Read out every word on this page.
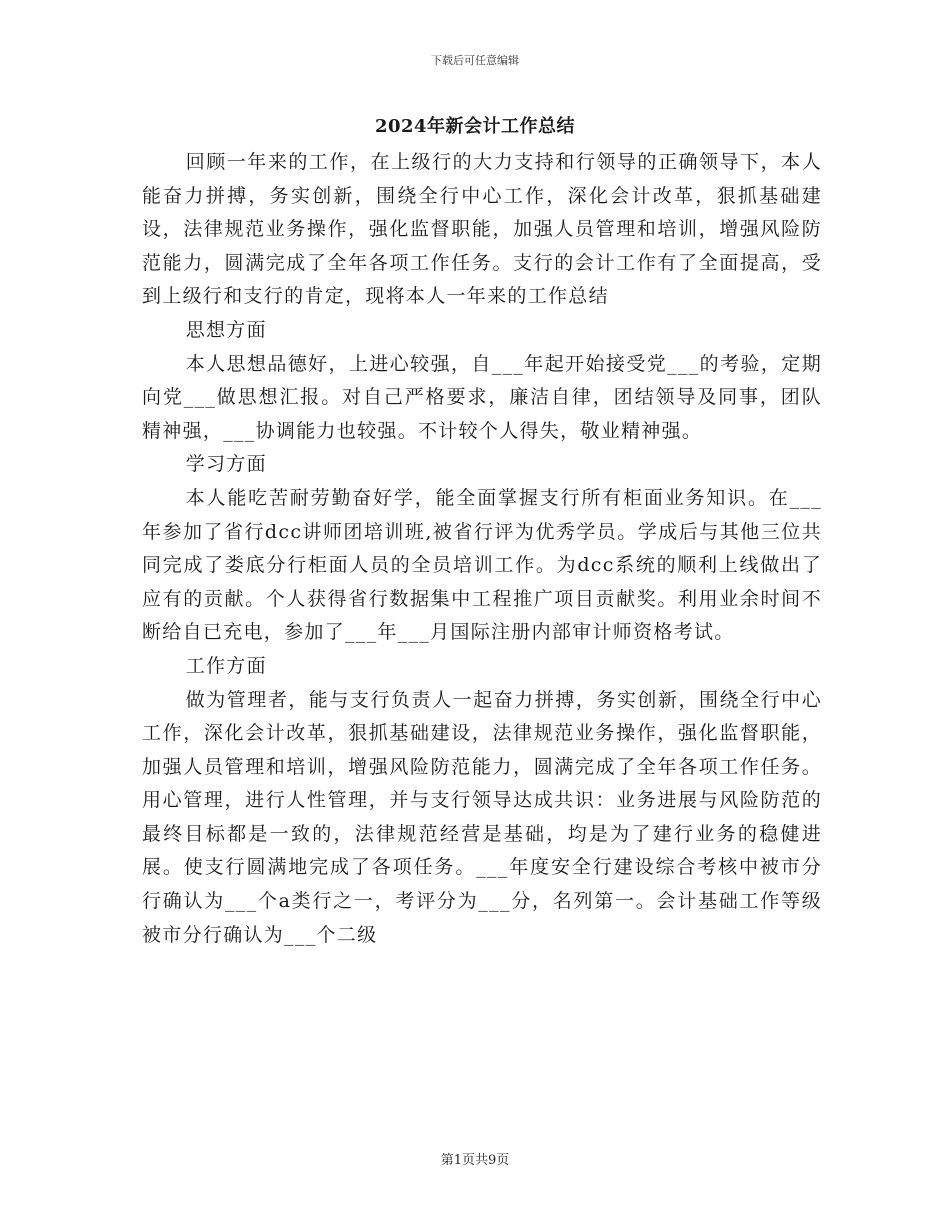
下载后可任意编辑
2024年新会计工作总结

回顾一年来的工作，在上级行的大力支持和行领导的正确领导下，本人能奋力拼搏，务实创新，围绕全行中心工作，深化会计改革，狠抓基础建设，法律规范业务操作，强化监督职能，加强人员管理和培训，增强风险防范能力，圆满完成了全年各项工作任务。支行的会计工作有了全面提高，受到上级行和支行的肯定，现将本人一年来的工作总结

思想方面

本人思想品德好，上进心较强，自___年起开始接受党___的考验，定期向党___做思想汇报。对自己严格要求，廉洁自律，团结领导及同事，团队精神强，___协调能力也较强。不计较个人得失，敬业精神强。

学习方面

本人能吃苦耐劳勤奋好学，能全面掌握支行所有柜面业务知识。在___年参加了省行dcc讲师团培训班,被省行评为优秀学员。学成后与其他三位共同完成了娄底分行柜面人员的全员培训工作。为dcc系统的顺利上线做出了应有的贡献。个人获得省行数据集中工程推广项目贡献奖。利用业余时间不断给自已充电，参加了___年___月国际注册内部审计师资格考试。

工作方面

做为管理者，能与支行负责人一起奋力拼搏，务实创新，围绕全行中心工作，深化会计改革，狠抓基础建设，法律规范业务操作，强化监督职能，加强人员管理和培训，增强风险防范能力，圆满完成了全年各项工作任务。用心管理，进行人性管理，并与支行领导达成共识：业务进展与风险防范的最终目标都是一致的，法律规范经营是基础，均是为了建行业务的稳健进展。使支行圆满地完成了各项任务。___年度安全行建设综合考核中被市分行确认为___个a类行之一，考评分为___分，名列第一。会计基础工作等级被市分行确认为___个二级

第1页共9页
